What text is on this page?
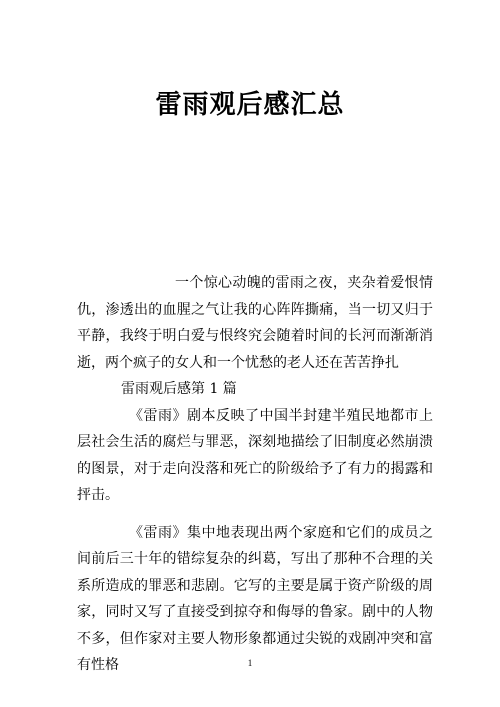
雷雨观后感汇总

一个惊心动魄的雷雨之夜，夹杂着爱恨情仇，渗透出的血腥之气让我的心阵阵撕痛，当一切又归于平静，我终于明白爱与恨终究会随着时间的长河而渐渐消逝，两个疯子的女人和一个忧愁的老人还在苦苦挣扎

雷雨观后感第 1 篇

《雷雨》剧本反映了中国半封建半殖民地都市上层社会生活的腐烂与罪恶，深刻地描绘了旧制度必然崩溃的图景，对于走向没落和死亡的阶级给予了有力的揭露和抨击。

《雷雨》集中地表现出两个家庭和它们的成员之间前后三十年的错综复杂的纠葛，写出了那种不合理的关系所造成的罪恶和悲剧。它写的主要是属于资产阶级的周家，同时又写了直接受到掠夺和侮辱的鲁家。剧中的人物不多，但作家对主要人物形象都通过尖锐的戏剧冲突和富有性格	1
